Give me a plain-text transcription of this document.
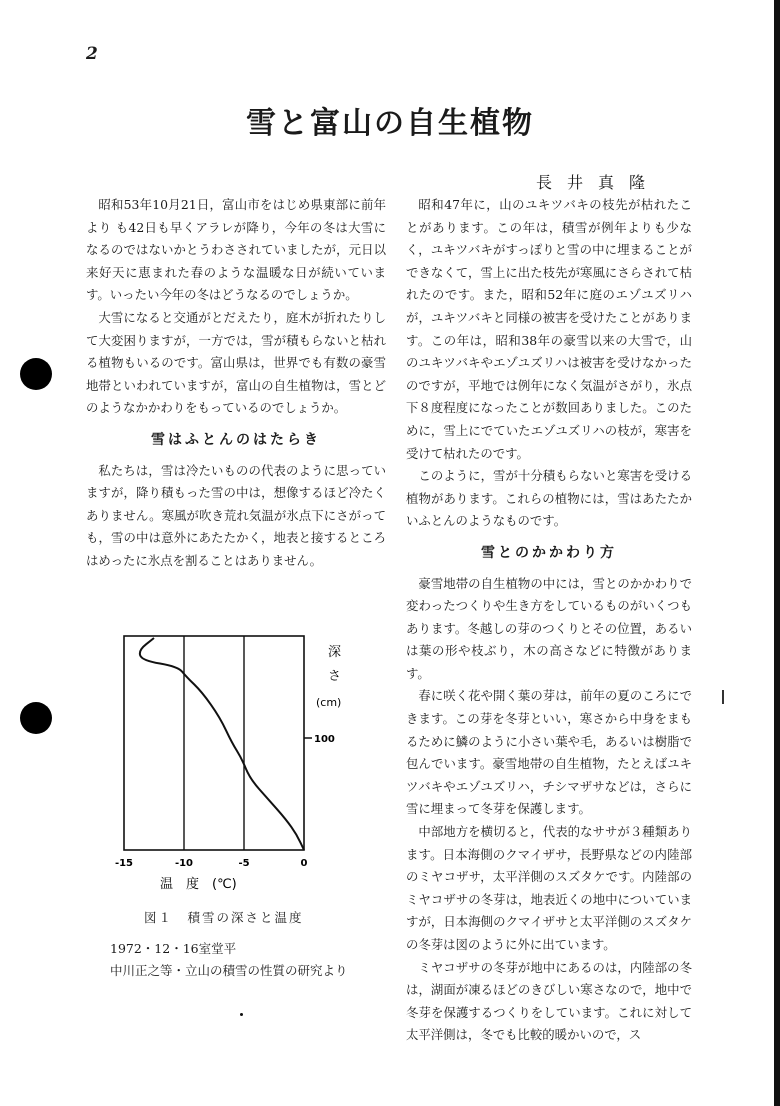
2
雪と富山の自生植物
長井真隆

昭和53年10月21日，富山市をはじめ県東部に前年より も42日も早くアラレが降り，今年の冬は大雪になるのではないかとうわさされていましたが，元日以来好天に恵まれた春のような温暖な日が続いています。いったい今年の冬はどうなるのでしょうか。

大雪になると交通がとだえたり，庭木が折れたりして大変困りますが，一方では，雪が積もらないと枯れる植物もいるのです。富山県は，世界でも有数の豪雪地帯といわれていますが，富山の自生植物は，雪とどのようなかかわりをもっているのでしょうか。

雪はふとんのはたらき

私たちは，雪は冷たいものの代表のように思っていますが，降り積もった雪の中は，想像するほど冷たくありません。寒風が吹き荒れ気温が氷点下にさがっても，雪の中は意外にあたたかく，地表と接するところはめったに氷点を割ることはありません。

昭和47年に，山のユキツバキの枝先が枯れたことがあります。この年は，積雪が例年よりも少なく，ユキツバキがすっぽりと雪の中に埋まることができなくて，雪上に出た枝先が寒風にさらされて枯れたのです。また，昭和52年に庭のエゾユズリハが，ユキツバキと同様の被害を受けたことがあります。この年は，昭和38年の豪雪以来の大雪で，山のユキツバキやエゾユズリハは被害を受けなかったのですが，平地では例年になく気温がさがり，氷点下８度程度になったことが数回ありました。このために，雪上にでていたエゾユズリハの枝が，寒害を受けて枯れたのです。

このように，雪が十分積もらないと寒害を受ける植物があります。これらの植物には，雪はあたたかいふとんのようなものです。

雪とのかかわり方

豪雪地帯の自生植物の中には，雪とのかかわりで変わったつくりや生き方をしているものがいくつもあります。冬越しの芽のつくりとその位置，あるいは葉の形や枝ぶり，木の高さなどに特徴があります。

春に咲く花や開く葉の芽は，前年の夏のころにできます。この芽を冬芽といい，寒さから中身をまもるために鱗のように小さい葉や毛，あるいは樹脂で包んでいます。豪雪地帯の自生植物，たとえばユキツバキやエゾユズリハ，チシマザサなどは，さらに雪に埋まって冬芽を保護します。

中部地方を横切ると，代表的なササが３種類あります。日本海側のクマイザサ，長野県などの内陸部のミヤコザサ，太平洋側のスズタケです。内陸部のミヤコザサの冬芽は，地表近くの地中についていますが，日本海側のクマイザサと太平洋側のスズタケの冬芽は図のように外に出ています。

ミヤコザサの冬芽が地中にあるのは，内陸部の冬は，湖面が凍るほどのきびしい寒さなので，地中で冬芽を保護するつくりをしています。これに対して太平洋側は，冬でも比較的暖かいので，ス

深
さ
(cm)
100
-15	-10	-5	0
温　度　(℃)
図１　積雪の深さと温度
1972・12・16室堂平
中川正之等・立山の積雪の性質の研究より
